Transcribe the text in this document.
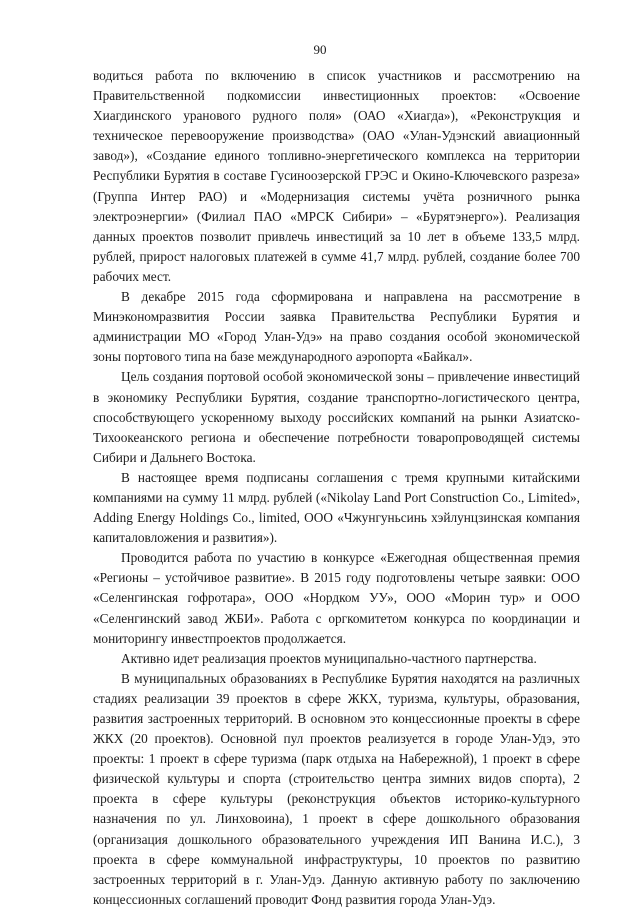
90

водиться работа по включению в список участников и рассмотрению на Правительственной подкомиссии инвестиционных проектов: «Освоение Хиагдинского уранового рудного поля» (ОАО «Хиагда»), «Реконструкция и техническое перевооружение производства» (ОАО «Улан-Удэнский авиационный завод»), «Создание единого топливно-энергетического комплекса на территории Республики Бурятия в составе Гусиноозерской ГРЭС и Окино-Ключевского разреза» (Группа Интер РАО) и «Модернизация системы учёта розничного рынка электроэнергии» (Филиал ПАО «МРСК Сибири» – «Бурятэнерго»). Реализация данных проектов позволит привлечь инвестиций за 10 лет в объеме 133,5 млрд. рублей, прирост налоговых платежей в сумме 41,7 млрд. рублей, создание более 700 рабочих мест.

В декабре 2015 года сформирована и направлена на рассмотрение в Минэкономразвития России заявка Правительства Республики Бурятия и администрации МО «Город Улан-Удэ» на право создания особой экономической зоны портового типа на базе международного аэропорта «Байкал».

Цель создания портовой особой экономической зоны – привлечение инвестиций в экономику Республики Бурятия, создание транспортно-логистического центра, способствующего ускоренному выходу российских компаний на рынки Азиатско-Тихоокеанского региона и обеспечение потребности товаропроводящей системы Сибири и Дальнего Востока.

В настоящее время подписаны соглашения с тремя крупными китайскими компаниями на сумму 11 млрд. рублей («Nikolay Land Port Construction Co., Limited», Adding Energy Holdings Co., limited, ООО «Чжунгуньсинь хэйлунцзинская компания капиталовложения и развития»).

Проводится работа по участию в конкурсе «Ежегодная общественная премия «Регионы – устойчивое развитие». В 2015 году подготовлены четыре заявки: ООО «Селенгинская гофротара», ООО «Нордком УУ», ООО «Морин тур» и ООО «Селенгинский завод ЖБИ». Работа с оргкомитетом конкурса по координации и мониторингу инвестпроектов продолжается.

Активно идет реализация проектов муниципально-частного партнерства.

В муниципальных образованиях в Республике Бурятия находятся на различных стадиях реализации 39 проектов в сфере ЖКХ, туризма, культуры, образования, развития застроенных территорий. В основном это концессионные проекты в сфере ЖКХ (20 проектов). Основной пул проектов реализуется в городе Улан-Удэ, это проекты: 1 проект в сфере туризма (парк отдыха на Набережной), 1 проект в сфере физической культуры и спорта (строительство центра зимних видов спорта), 2 проекта в сфере культуры (реконструкция объектов историко-культурного назначения по ул. Линховоина), 1 проект в сфере дошкольного образования (организация дошкольного образовательного учреждения ИП Ванина И.С.), 3 проекта в сфере коммунальной инфраструктуры, 10 проектов по развитию застроенных территорий в г. Улан-Удэ. Данную активную работу по заключению концессионных соглашений проводит Фонд развития города Улан-Удэ.
